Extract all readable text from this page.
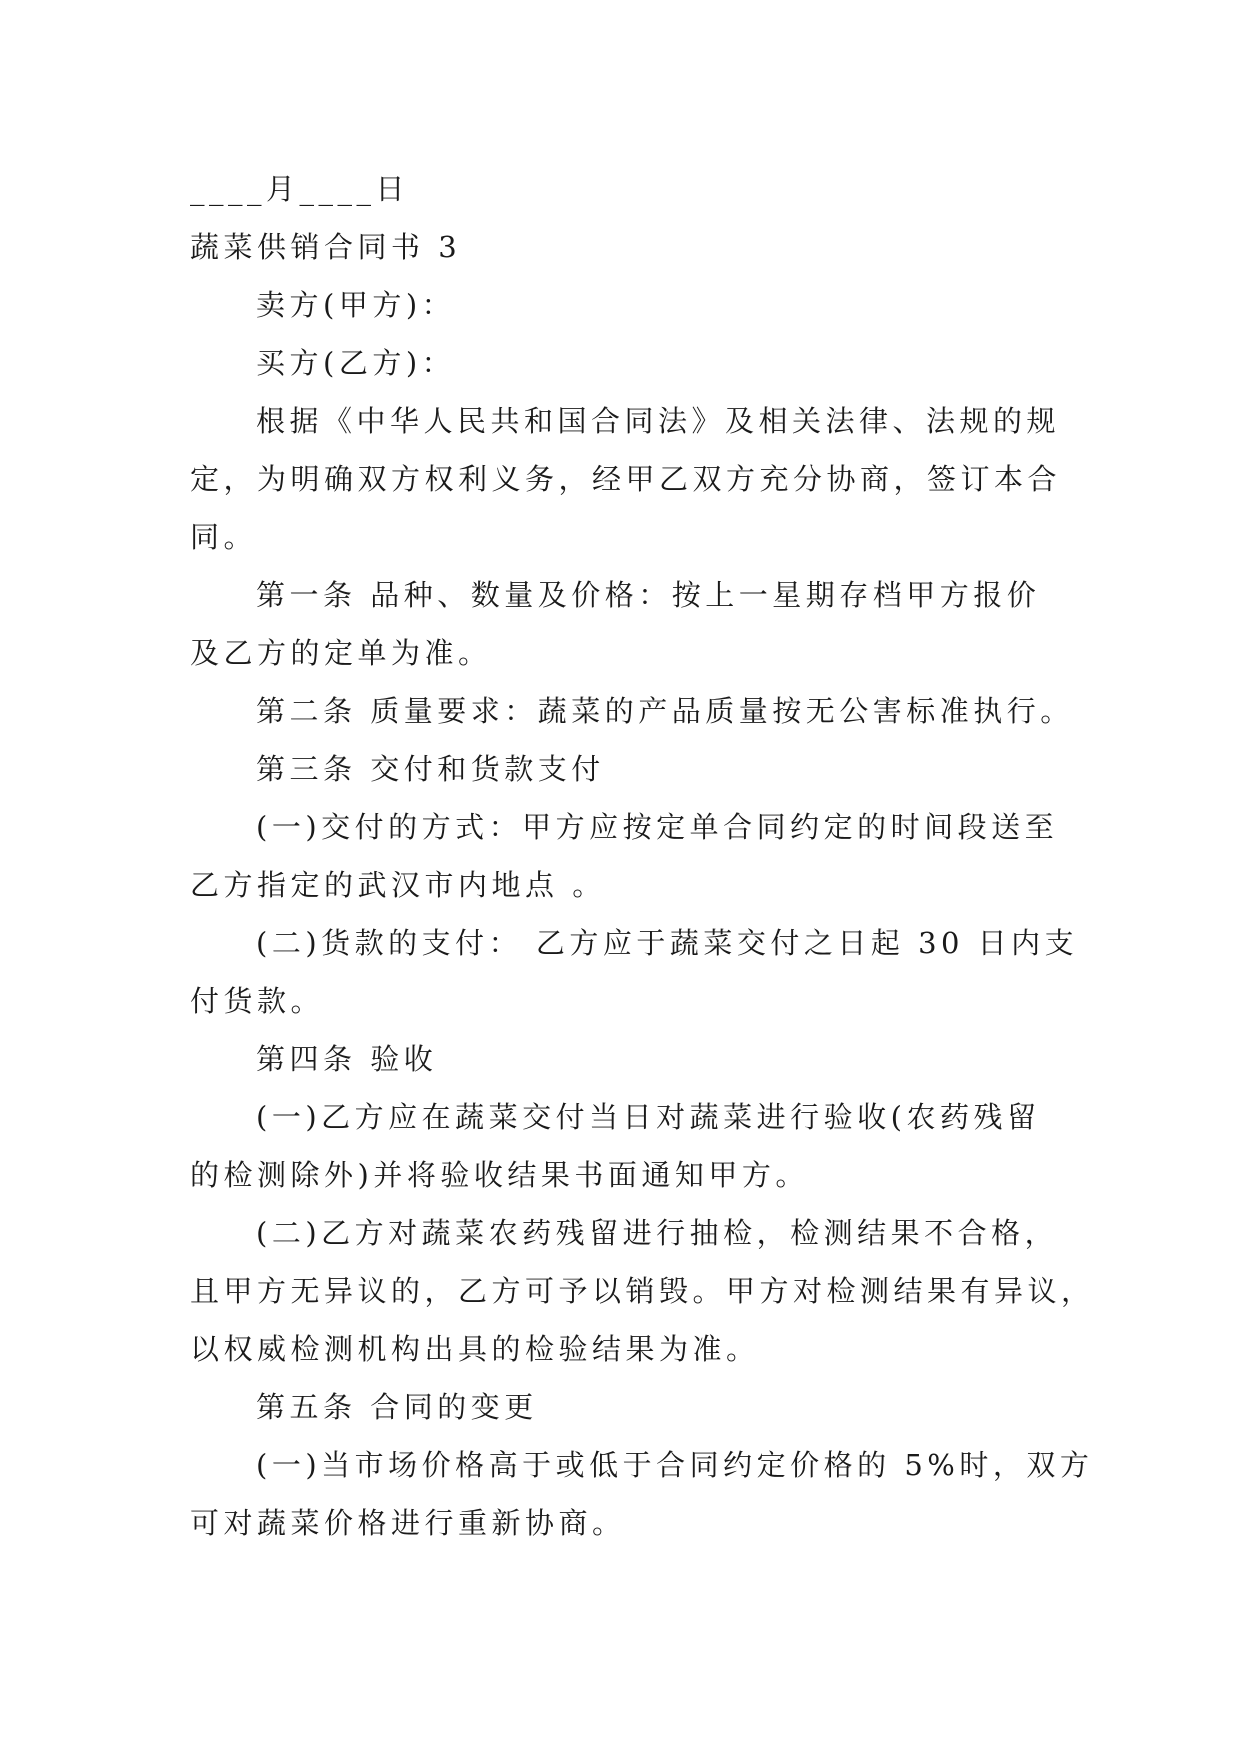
____月____日

蔬菜供销合同书 3

卖方(甲方)：

买方(乙方)：

根据《中华人民共和国合同法》及相关法律、法规的规

定，为明确双方权利义务，经甲乙双方充分协商，签订本合

同。

第一条 品种、数量及价格：按上一星期存档甲方报价

及乙方的定单为准。

第二条 质量要求：蔬菜的产品质量按无公害标准执行。

第三条 交付和货款支付

(一)交付的方式：甲方应按定单合同约定的时间段送至

乙方指定的武汉市内地点 。

(二)货款的支付： 乙方应于蔬菜交付之日起 30 日内支

付货款。

第四条 验收

(一)乙方应在蔬菜交付当日对蔬菜进行验收(农药残留

的检测除外)并将验收结果书面通知甲方。

(二)乙方对蔬菜农药残留进行抽检，检测结果不合格，

且甲方无异议的，乙方可予以销毁。甲方对检测结果有异议，

以权威检测机构出具的检验结果为准。

第五条 合同的变更

(一)当市场价格高于或低于合同约定价格的 5%时，双方

可对蔬菜价格进行重新协商。
